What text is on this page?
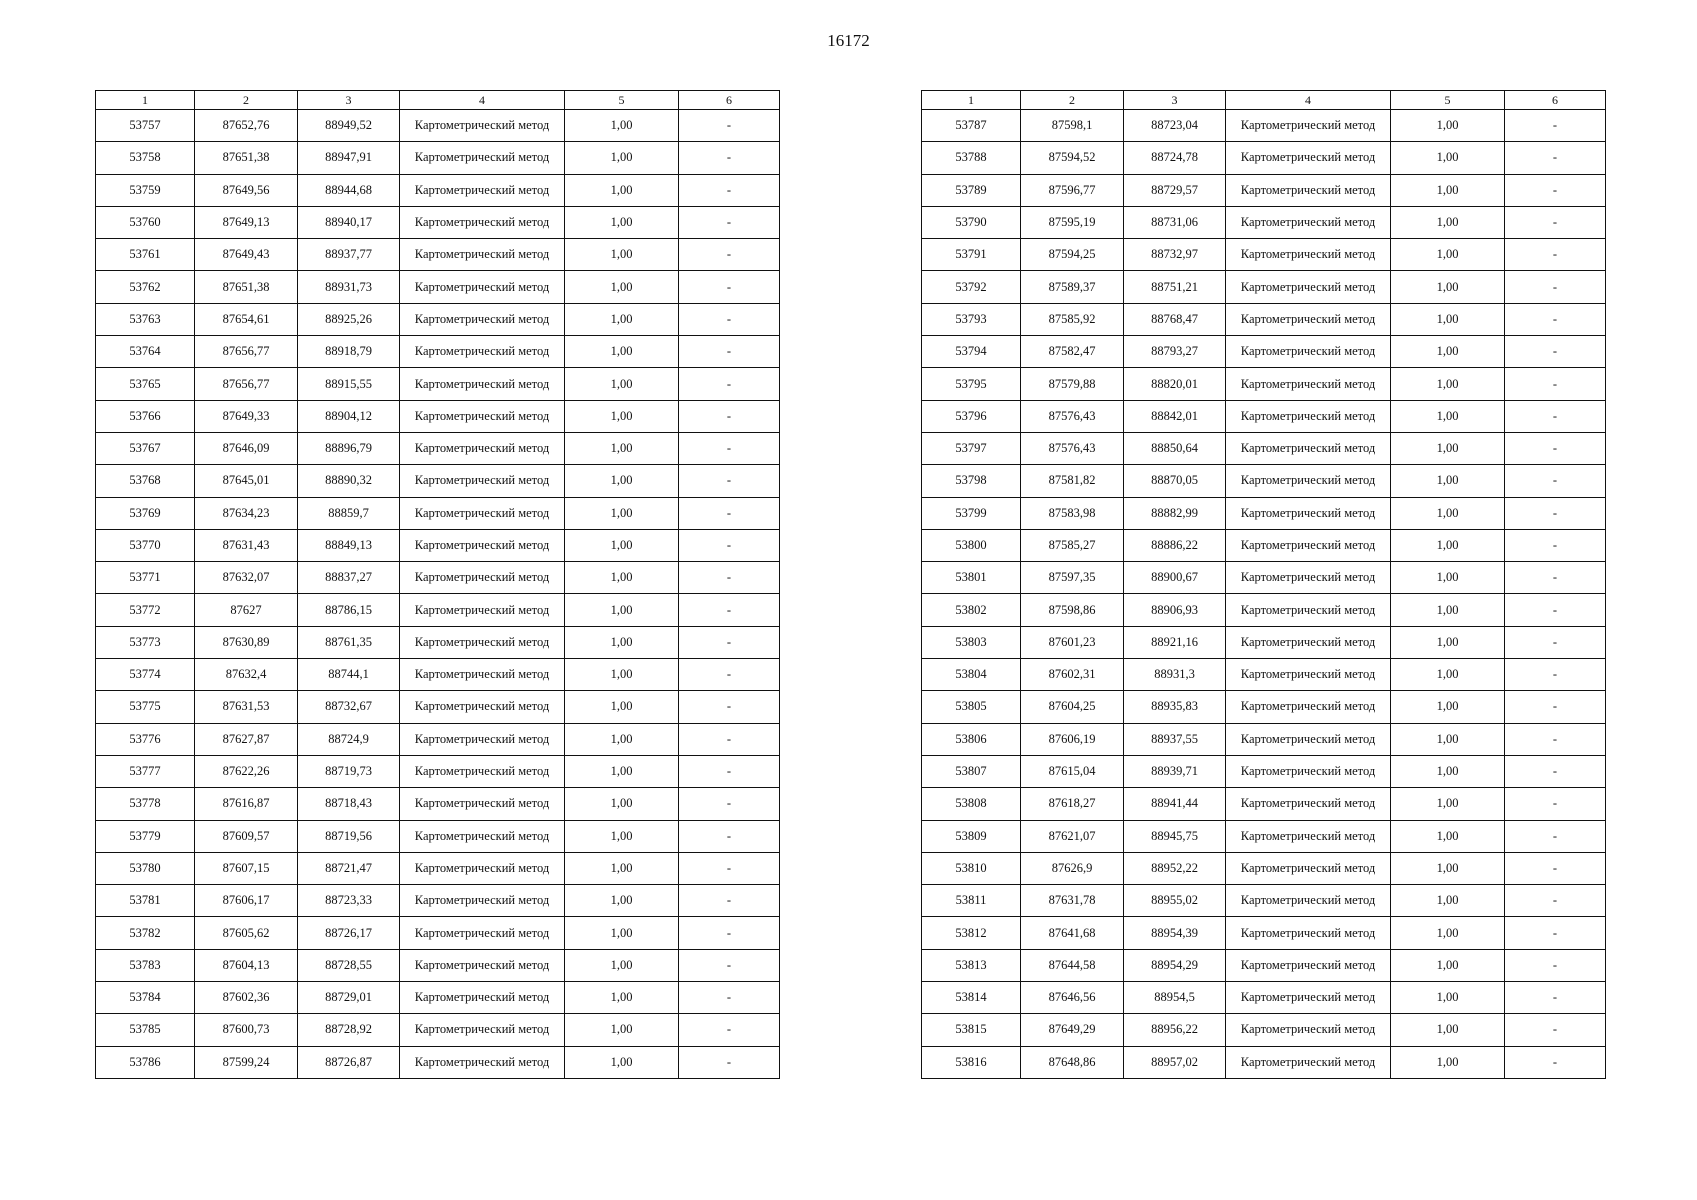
16172
1	2	3	4	5	6
53757	87652,76	88949,52	Картометрический метод	1,00	-
53758	87651,38	88947,91	Картометрический метод	1,00	-
53759	87649,56	88944,68	Картометрический метод	1,00	-
53760	87649,13	88940,17	Картометрический метод	1,00	-
53761	87649,43	88937,77	Картометрический метод	1,00	-
53762	87651,38	88931,73	Картометрический метод	1,00	-
53763	87654,61	88925,26	Картометрический метод	1,00	-
53764	87656,77	88918,79	Картометрический метод	1,00	-
53765	87656,77	88915,55	Картометрический метод	1,00	-
53766	87649,33	88904,12	Картометрический метод	1,00	-
53767	87646,09	88896,79	Картометрический метод	1,00	-
53768	87645,01	88890,32	Картометрический метод	1,00	-
53769	87634,23	88859,7	Картометрический метод	1,00	-
53770	87631,43	88849,13	Картометрический метод	1,00	-
53771	87632,07	88837,27	Картометрический метод	1,00	-
53772	87627	88786,15	Картометрический метод	1,00	-
53773	87630,89	88761,35	Картометрический метод	1,00	-
53774	87632,4	88744,1	Картометрический метод	1,00	-
53775	87631,53	88732,67	Картометрический метод	1,00	-
53776	87627,87	88724,9	Картометрический метод	1,00	-
53777	87622,26	88719,73	Картометрический метод	1,00	-
53778	87616,87	88718,43	Картометрический метод	1,00	-
53779	87609,57	88719,56	Картометрический метод	1,00	-
53780	87607,15	88721,47	Картометрический метод	1,00	-
53781	87606,17	88723,33	Картометрический метод	1,00	-
53782	87605,62	88726,17	Картометрический метод	1,00	-
53783	87604,13	88728,55	Картометрический метод	1,00	-
53784	87602,36	88729,01	Картометрический метод	1,00	-
53785	87600,73	88728,92	Картометрический метод	1,00	-
53786	87599,24	88726,87	Картометрический метод	1,00	-
1	2	3	4	5	6
53787	87598,1	88723,04	Картометрический метод	1,00	-
53788	87594,52	88724,78	Картометрический метод	1,00	-
53789	87596,77	88729,57	Картометрический метод	1,00	-
53790	87595,19	88731,06	Картометрический метод	1,00	-
53791	87594,25	88732,97	Картометрический метод	1,00	-
53792	87589,37	88751,21	Картометрический метод	1,00	-
53793	87585,92	88768,47	Картометрический метод	1,00	-
53794	87582,47	88793,27	Картометрический метод	1,00	-
53795	87579,88	88820,01	Картометрический метод	1,00	-
53796	87576,43	88842,01	Картометрический метод	1,00	-
53797	87576,43	88850,64	Картометрический метод	1,00	-
53798	87581,82	88870,05	Картометрический метод	1,00	-
53799	87583,98	88882,99	Картометрический метод	1,00	-
53800	87585,27	88886,22	Картометрический метод	1,00	-
53801	87597,35	88900,67	Картометрический метод	1,00	-
53802	87598,86	88906,93	Картометрический метод	1,00	-
53803	87601,23	88921,16	Картометрический метод	1,00	-
53804	87602,31	88931,3	Картометрический метод	1,00	-
53805	87604,25	88935,83	Картометрический метод	1,00	-
53806	87606,19	88937,55	Картометрический метод	1,00	-
53807	87615,04	88939,71	Картометрический метод	1,00	-
53808	87618,27	88941,44	Картометрический метод	1,00	-
53809	87621,07	88945,75	Картометрический метод	1,00	-
53810	87626,9	88952,22	Картометрический метод	1,00	-
53811	87631,78	88955,02	Картометрический метод	1,00	-
53812	87641,68	88954,39	Картометрический метод	1,00	-
53813	87644,58	88954,29	Картометрический метод	1,00	-
53814	87646,56	88954,5	Картометрический метод	1,00	-
53815	87649,29	88956,22	Картометрический метод	1,00	-
53816	87648,86	88957,02	Картометрический метод	1,00	-
